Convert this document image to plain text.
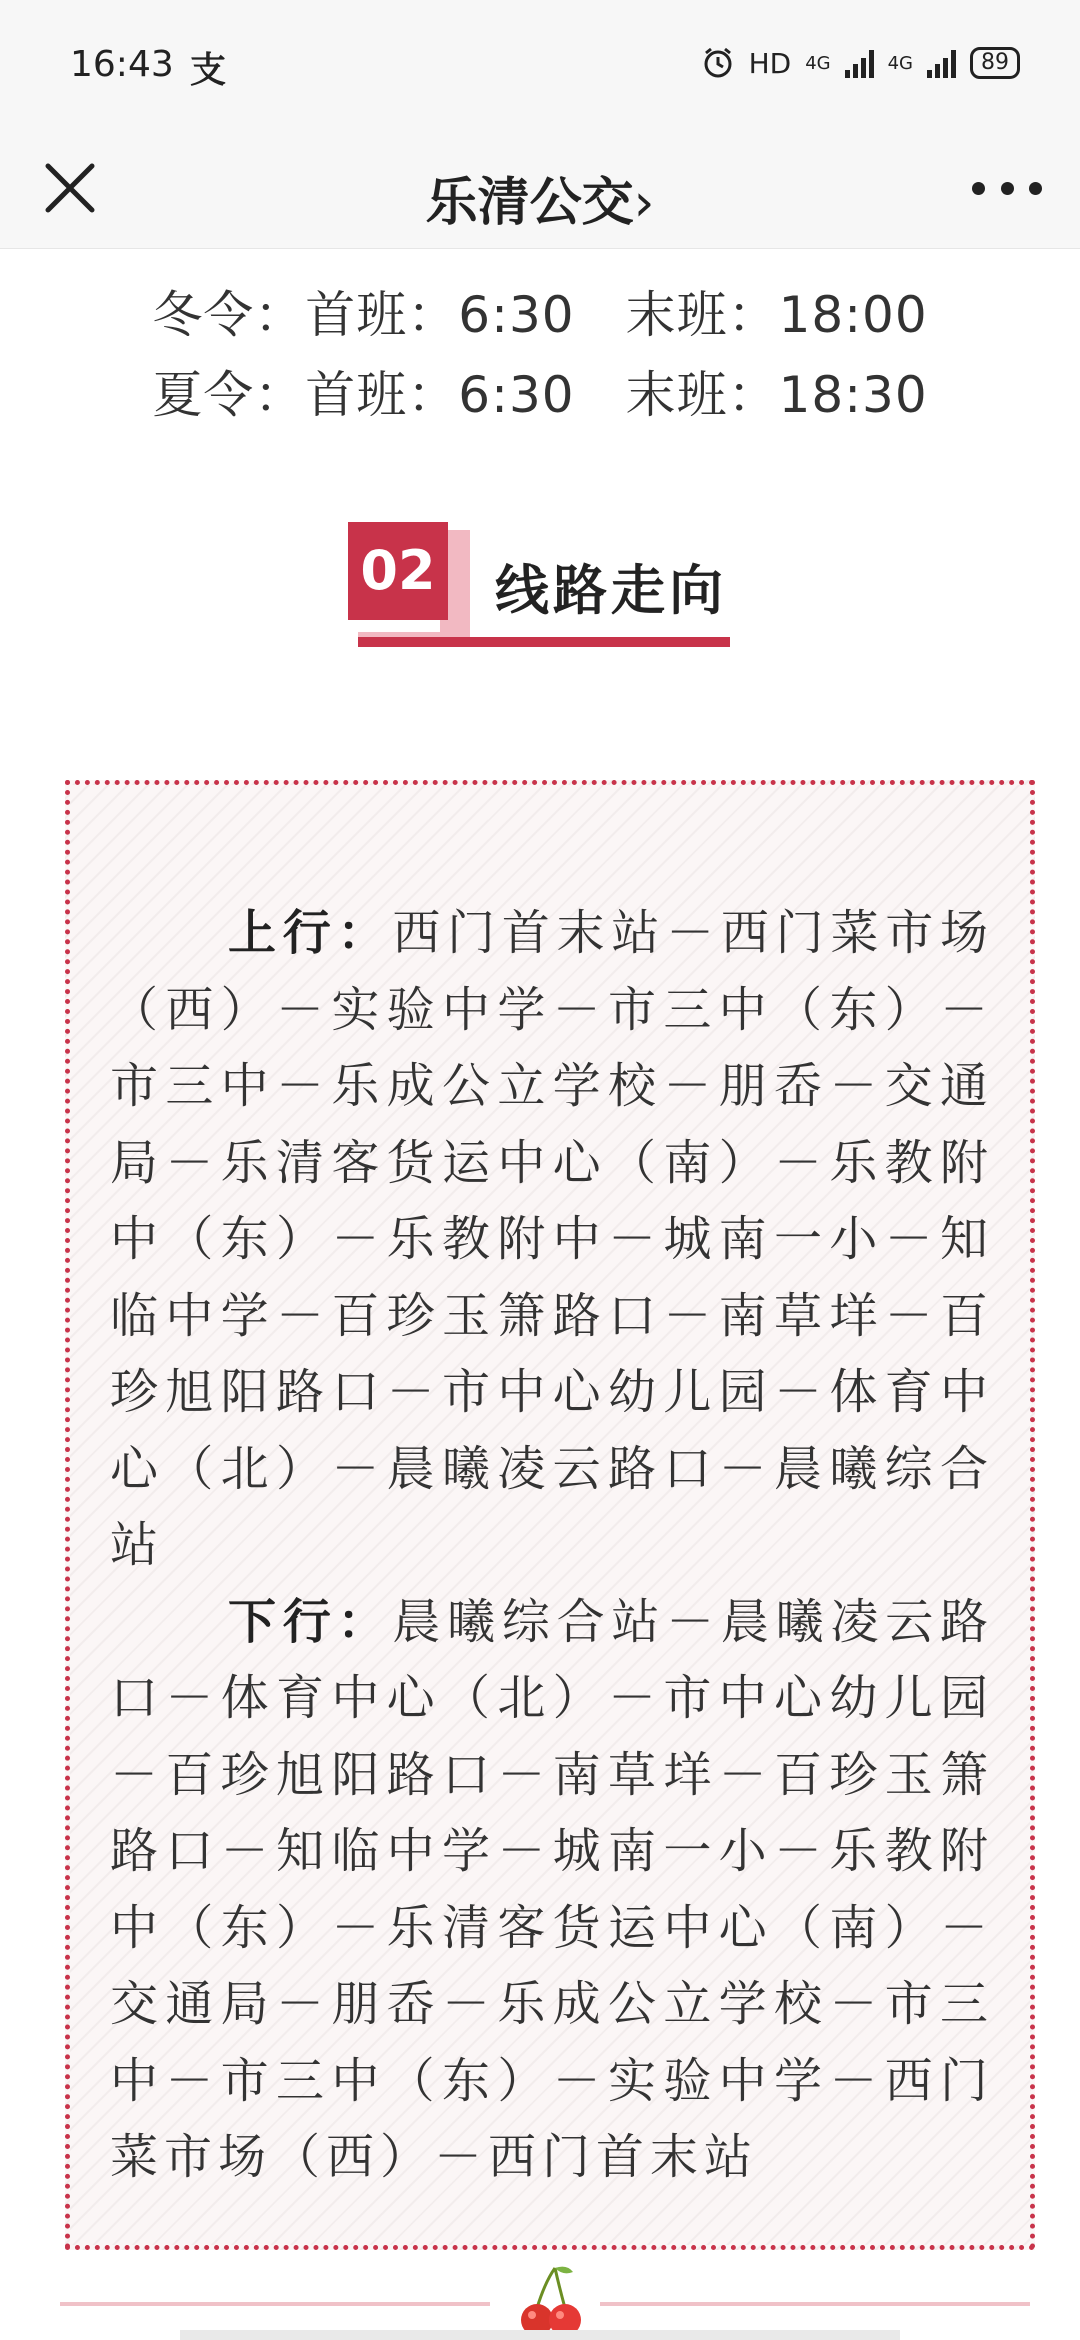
16:43 支	HD 4G	4G	89
乐清公交›
冬令：首班：6:30　末班：18:00
夏令：首班：6:30　末班：18:30
02 线路走向

上行：西门首末站－西门菜市场（西）－实验中学－市三中（东）－市三中－乐成公立学校－朋岙－交通局－乐清客货运中心（南）－乐教附中（东）－乐教附中－城南一小－知临中学－百珍玉箫路口－南草垟－百珍旭阳路口－市中心幼儿园－体育中心（北）－晨曦凌云路口－晨曦综合站

下行：晨曦综合站－晨曦凌云路口－体育中心（北）－市中心幼儿园－百珍旭阳路口－南草垟－百珍玉箫路口－知临中学－城南一小－乐教附中（东）－乐清客货运中心（南）－交通局－朋岙－乐成公立学校－市三中－市三中（东）－实验中学－西门菜市场（西）－西门首末站
